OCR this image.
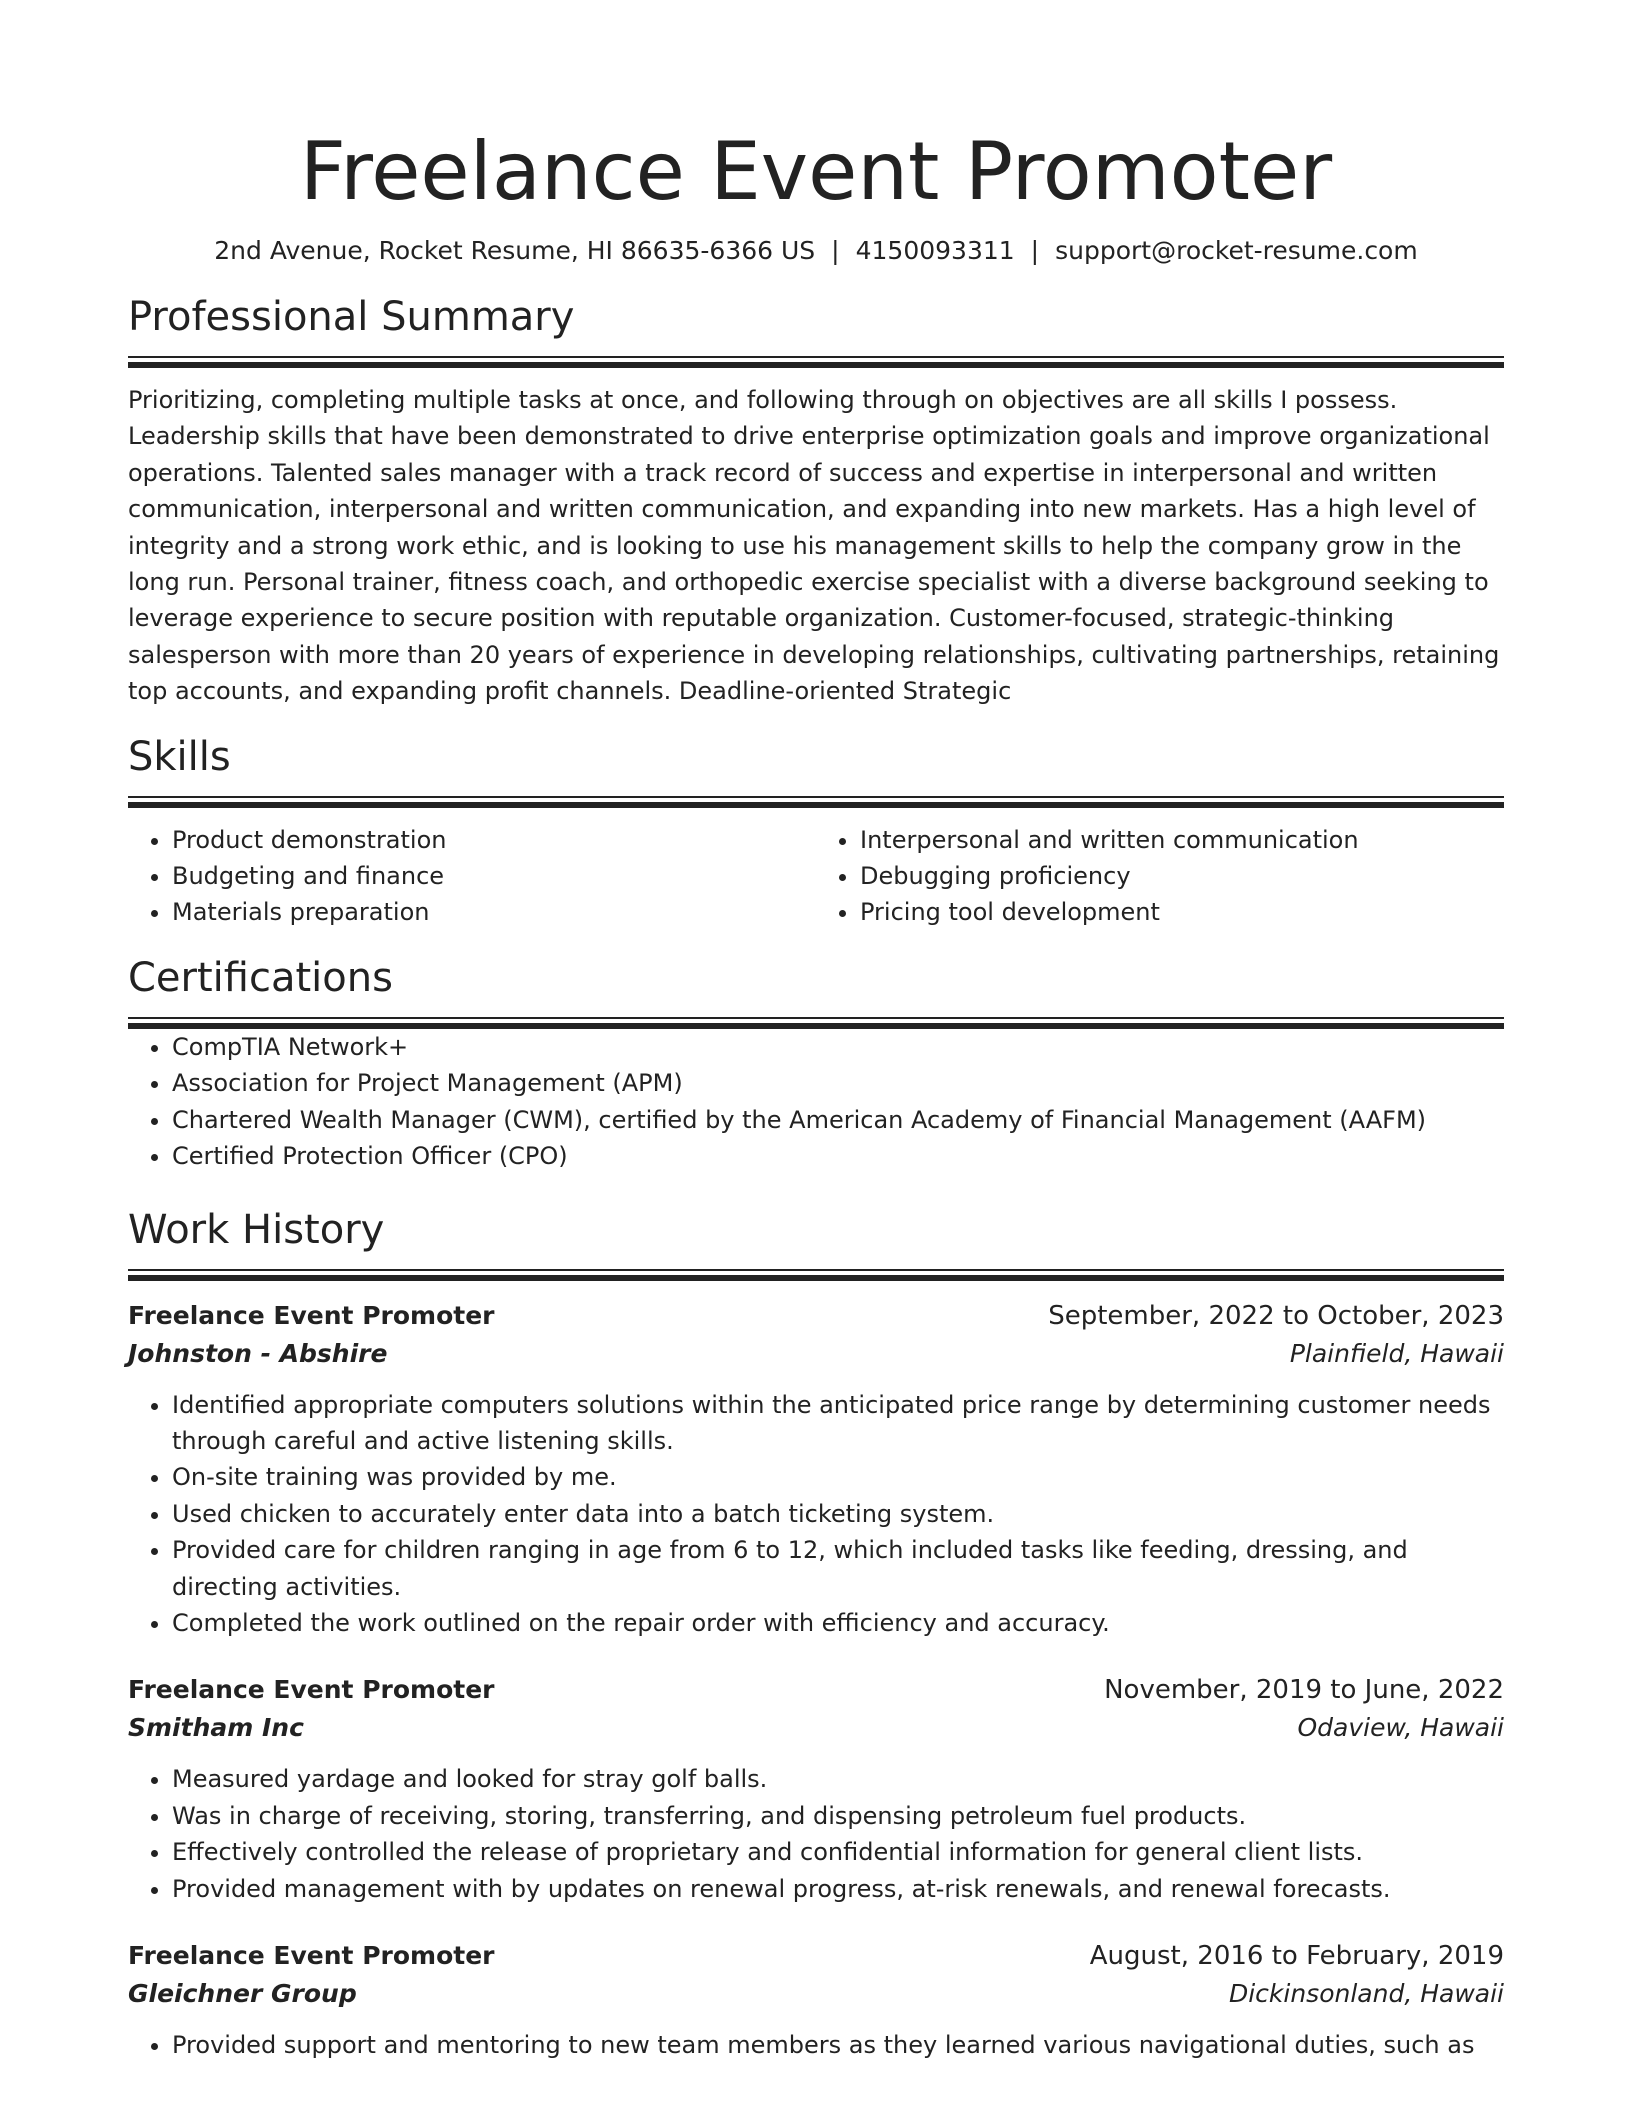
Freelance Event Promoter
2nd Avenue, Rocket Resume, HI 86635-6366 US | 4150093311 | support@rocket-resume.com
Professional Summary

Prioritizing, completing multiple tasks at once, and following through on objectives are all skills I possess. Leadership skills that have been demonstrated to drive enterprise optimization goals and improve organizational operations. Talented sales manager with a track record of success and expertise in interpersonal and written communication, interpersonal and written communication, and expanding into new markets. Has a high level of integrity and a strong work ethic, and is looking to use his management skills to help the company grow in the long run. Personal trainer, fitness coach, and orthopedic exercise specialist with a diverse background seeking to leverage experience to secure position with reputable organization. Customer-focused, strategic-thinking salesperson with more than 20 years of experience in developing relationships, cultivating partnerships, retaining top accounts, and expanding profit channels. Deadline-oriented Strategic

Skills
• Product demonstration
• Budgeting and finance
• Materials preparation
• Interpersonal and written communication
• Debugging proficiency
• Pricing tool development
Certifications
• CompTIA Network+
• Association for Project Management (APM)
• Chartered Wealth Manager (CWM), certified by the American Academy of Financial Management (AAFM)
• Certified Protection Officer (CPO)
Work History
Freelance Event Promoter	September, 2022 to October, 2023
Johnston - Abshire	Plainfield, Hawaii
• Identified appropriate computers solutions within the anticipated price range by determining customer needs through careful and active listening skills.
• On-site training was provided by me.
• Used chicken to accurately enter data into a batch ticketing system.
• Provided care for children ranging in age from 6 to 12, which included tasks like feeding, dressing, and directing activities.
• Completed the work outlined on the repair order with efficiency and accuracy.
Freelance Event Promoter	November, 2019 to June, 2022
Smitham Inc	Odaview, Hawaii
• Measured yardage and looked for stray golf balls.
• Was in charge of receiving, storing, transferring, and dispensing petroleum fuel products.
• Effectively controlled the release of proprietary and confidential information for general client lists.
• Provided management with by updates on renewal progress, at-risk renewals, and renewal forecasts.
Freelance Event Promoter	August, 2016 to February, 2019
Gleichner Group	Dickinsonland, Hawaii
• Provided support and mentoring to new team members as they learned various navigational duties, such as
